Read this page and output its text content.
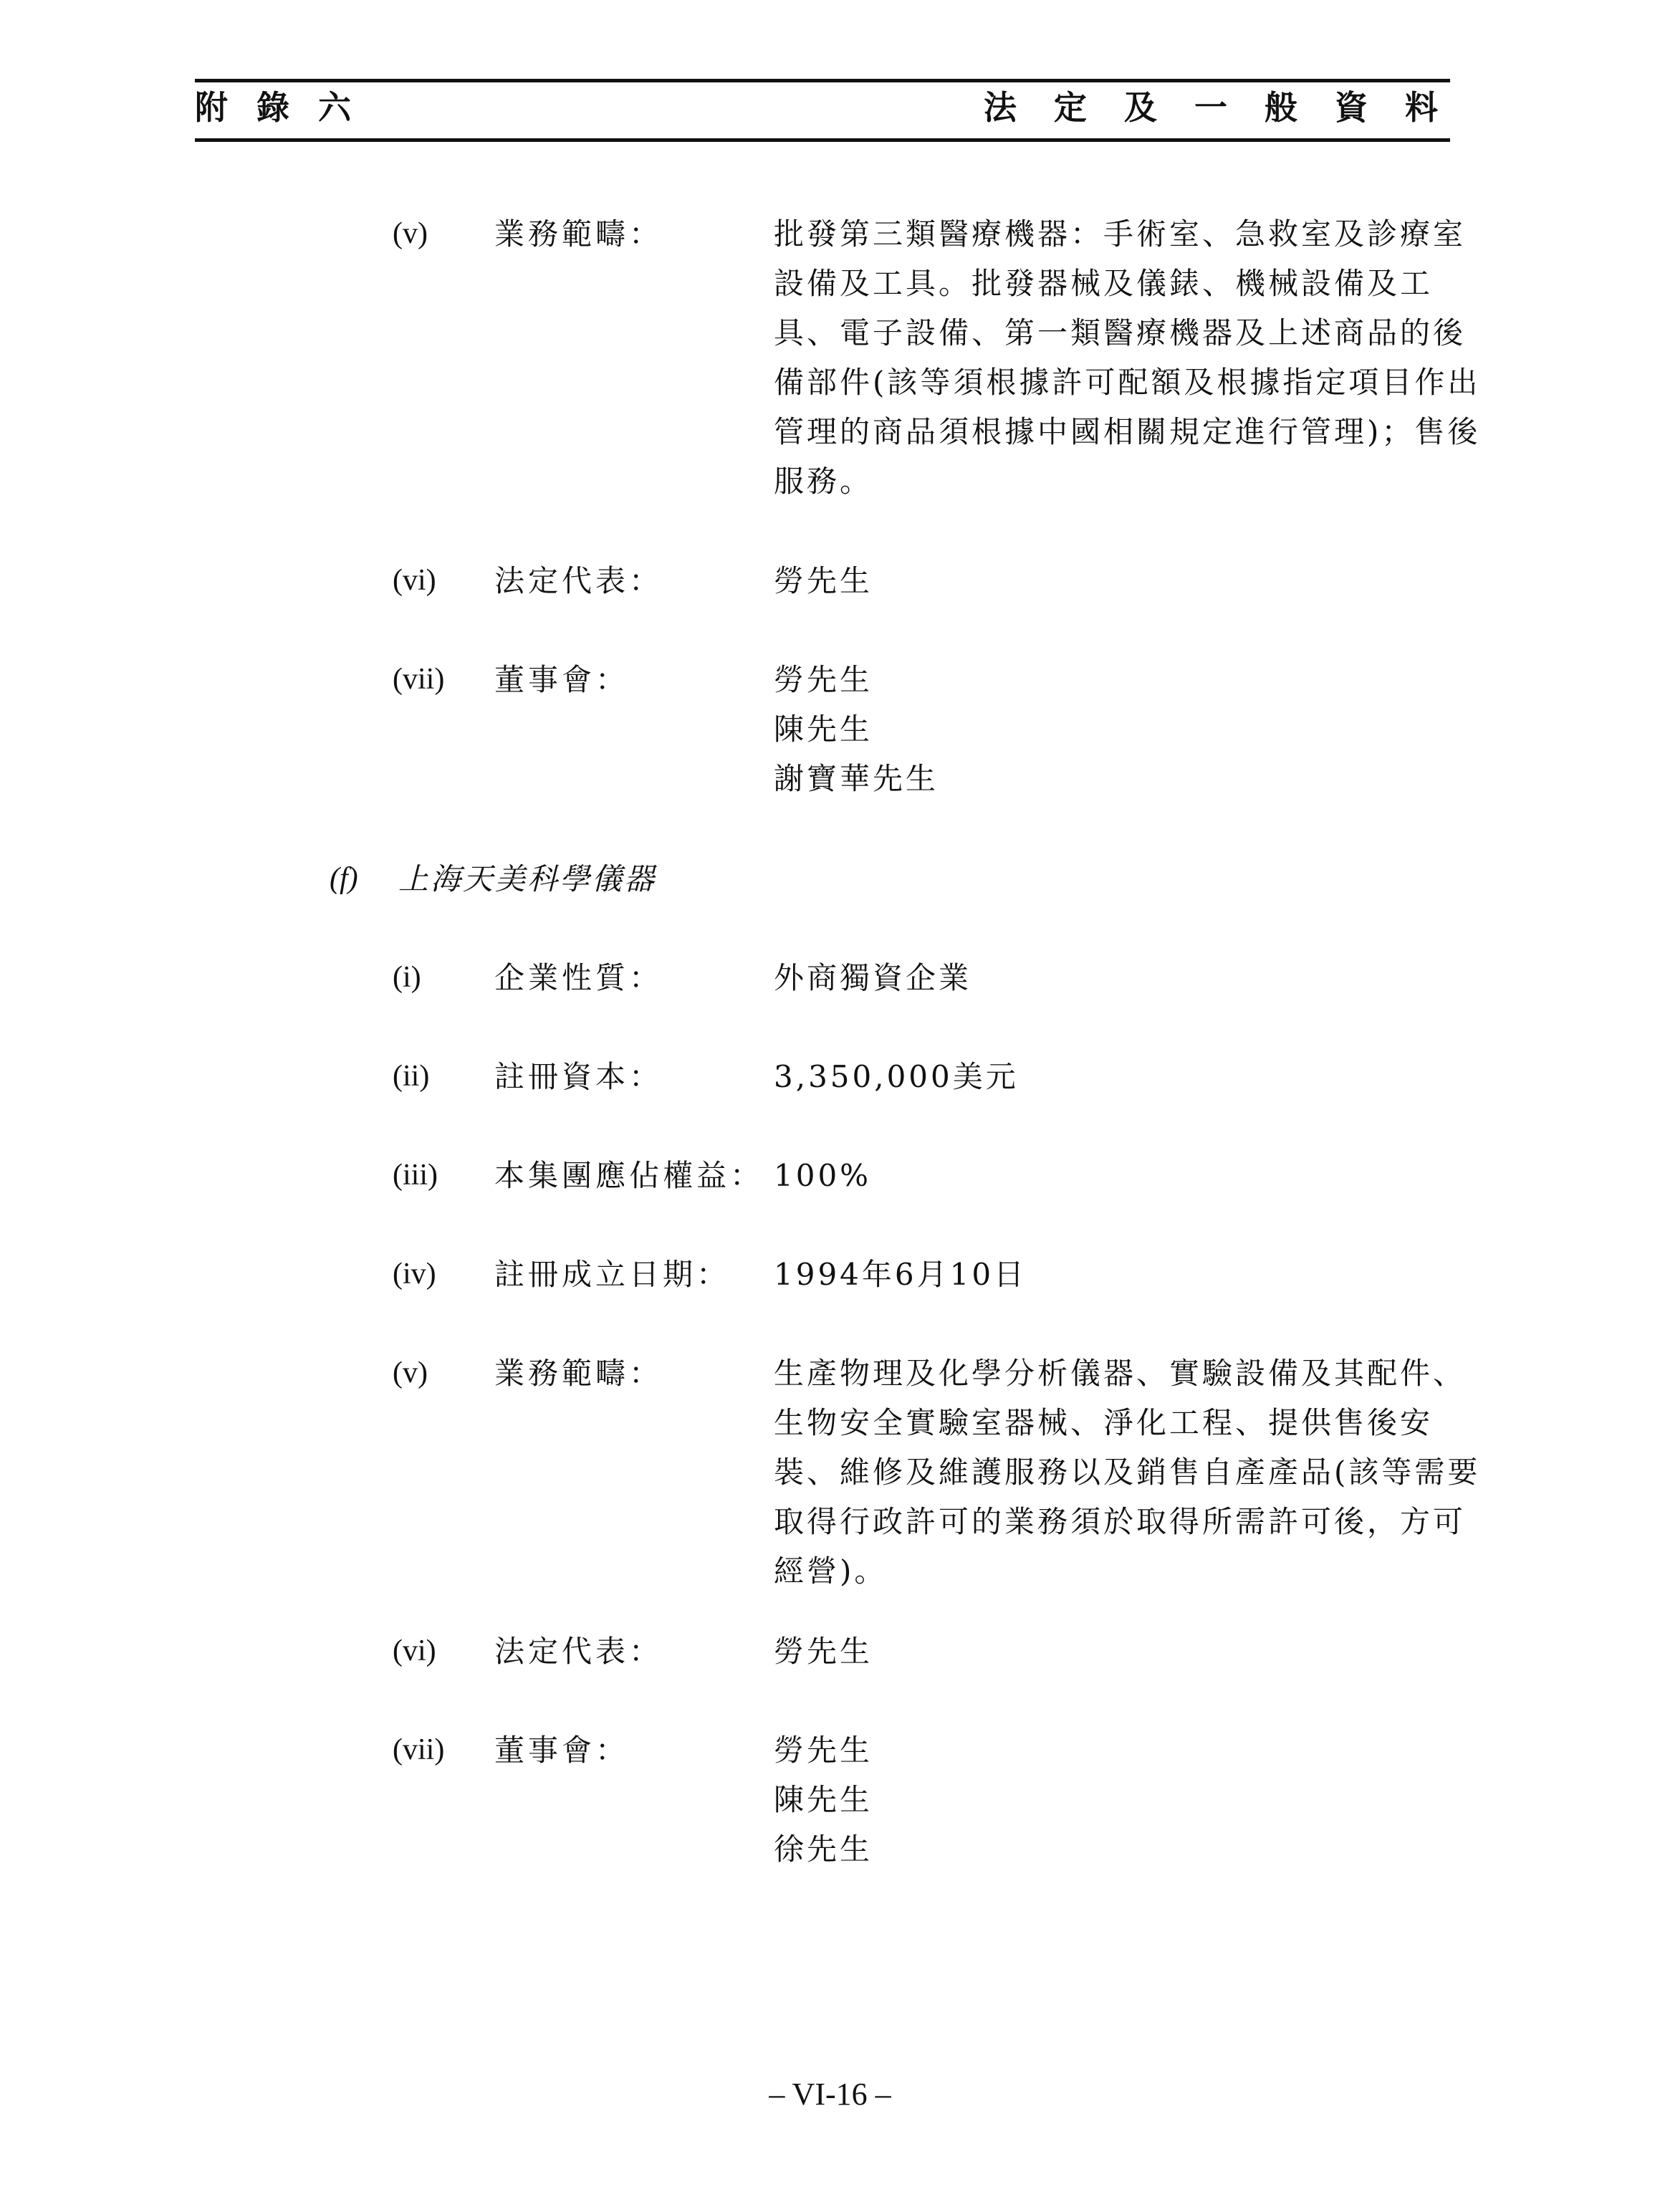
附 錄 六	法 定 及 一 般 資 料
(v) 業務範疇：	批發第三類醫療機器：手術室、急救室及診療室
設備及工具。批發器械及儀錶、機械設備及工
具、電子設備、第一類醫療機器及上述商品的後
備部件(該等須根據許可配額及根據指定項目作出
管理的商品須根據中國相關規定進行管理)；售後
服務。
(vi) 法定代表：	勞先生
(vii) 董事會：	勞先生
陳先生
謝寶華先生
(f) 上海天美科學儀器
(i) 企業性質：	外商獨資企業
(ii) 註冊資本：	3,350,000美元
(iii) 本集團應佔權益： 100%
(iv) 註冊成立日期： 1994年6月10日
(v) 業務範疇：	生產物理及化學分析儀器、實驗設備及其配件、
生物安全實驗室器械、淨化工程、提供售後安
裝、維修及維護服務以及銷售自產產品(該等需要
取得行政許可的業務須於取得所需許可後，方可
經營)。
(vi) 法定代表：	勞先生
(vii) 董事會：	勞先生
陳先生
徐先生
– VI-16 –
